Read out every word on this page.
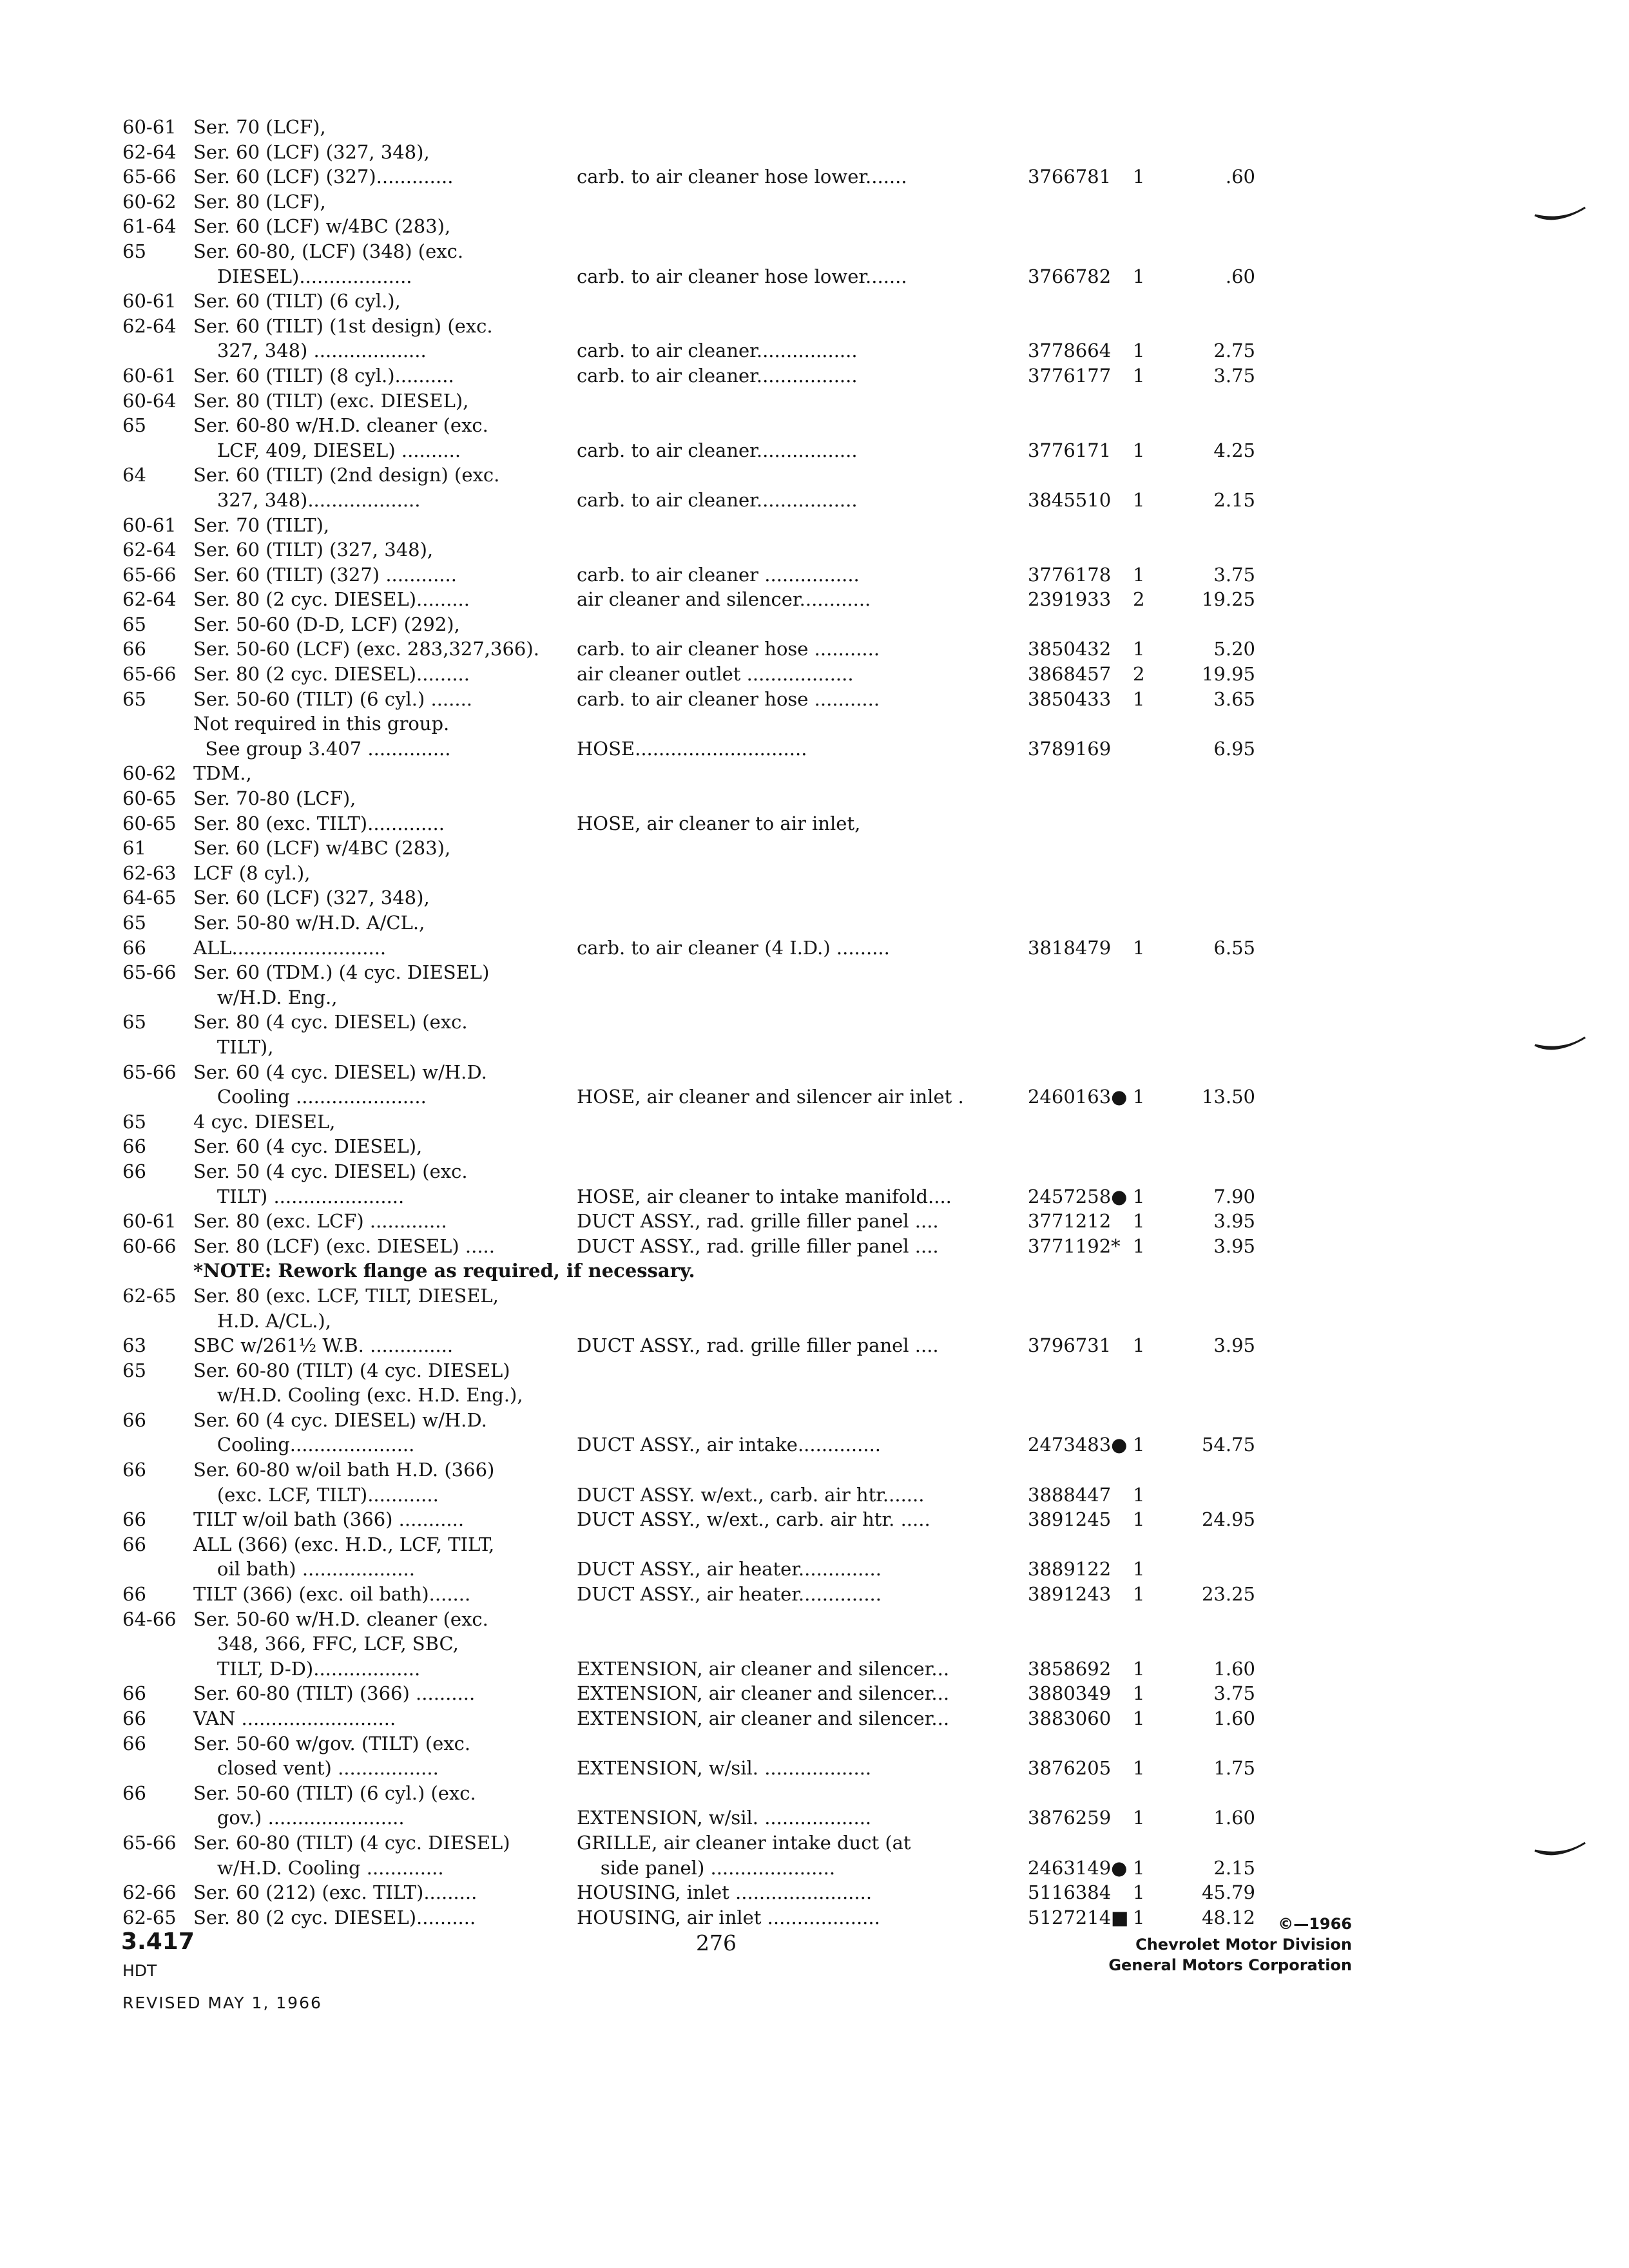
60-61 Ser. 70 (LCF),
62-64 Ser. 60 (LCF) (327, 348),
65-66 Ser. 60 (LCF) (327).............	carb. to air cleaner hose lower.......	3766781 1	.60
60-62 Ser. 80 (LCF),
61-64 Ser. 60 (LCF) w/4BC (283),
65	Ser. 60-80, (LCF) (348) (exc.
DIESEL)...................	carb. to air cleaner hose lower.......	3766782 1	.60
60-61 Ser. 60 (TILT) (6 cyl.),
62-64 Ser. 60 (TILT) (1st design) (exc.
327, 348) ...................	carb. to air cleaner.................	3778664 1	2.75
60-61 Ser. 60 (TILT) (8 cyl.)..........	carb. to air cleaner.................	3776177 1	3.75
60-64 Ser. 80 (TILT) (exc. DIESEL),
65	Ser. 60-80 w/H.D. cleaner (exc.
LCF, 409, DIESEL) ..........	carb. to air cleaner.................	3776171 1	4.25
64	Ser. 60 (TILT) (2nd design) (exc.
327, 348)...................	carb. to air cleaner.................	3845510 1	2.15
60-61 Ser. 70 (TILT),
62-64 Ser. 60 (TILT) (327, 348),
65-66 Ser. 60 (TILT) (327) ............	carb. to air cleaner ................	3776178 1	3.75
62-64 Ser. 80 (2 cyc. DIESEL).........	air cleaner and silencer............	2391933 2	19.25
65	Ser. 50-60 (D-D, LCF) (292),
66	Ser. 50-60 (LCF) (exc. 283,327,366). carb. to air cleaner hose ...........	3850432 1	5.20
65-66 Ser. 80 (2 cyc. DIESEL).........	air cleaner outlet ..................	3868457 2	19.95
65	Ser. 50-60 (TILT) (6 cyl.) .......	carb. to air cleaner hose ...........	3850433 1	3.65
Not required in this group.
See group 3.407 ..............	HOSE.............................	3789169	6.95
60-62 TDM.,
60-65 Ser. 70-80 (LCF),
60-65 Ser. 80 (exc. TILT).............	HOSE, air cleaner to air inlet,
61	Ser. 60 (LCF) w/4BC (283),
62-63 LCF (8 cyl.),
64-65 Ser. 60 (LCF) (327, 348),
65	Ser. 50-80 w/H.D. A/CL.,
66	ALL..........................	carb. to air cleaner (4 I.D.) .........	3818479 1	6.55
65-66 Ser. 60 (TDM.) (4 cyc. DIESEL)
w/H.D. Eng.,
65	Ser. 80 (4 cyc. DIESEL) (exc.
TILT),
65-66 Ser. 60 (4 cyc. DIESEL) w/H.D.
Cooling ......................	HOSE, air cleaner and silencer air inlet .	2460163● 1	13.50
65	4 cyc. DIESEL,
66	Ser. 60 (4 cyc. DIESEL),
66	Ser. 50 (4 cyc. DIESEL) (exc.
TILT) ......................	HOSE, air cleaner to intake manifold....	2457258● 1	7.90
60-61 Ser. 80 (exc. LCF) .............	DUCT ASSY., rad. grille filler panel ....	3771212 1	3.95
60-66 Ser. 80 (LCF) (exc. DIESEL) .....	DUCT ASSY., rad. grille filler panel ....	3771192* 1	3.95
*NOTE: Rework flange as required, if necessary.
62-65 Ser. 80 (exc. LCF, TILT, DIESEL,
H.D. A/CL.),
63	SBC w/261½ W.B. ..............	DUCT ASSY., rad. grille filler panel ....	3796731 1	3.95
65	Ser. 60-80 (TILT) (4 cyc. DIESEL)
w/H.D. Cooling (exc. H.D. Eng.),
66	Ser. 60 (4 cyc. DIESEL) w/H.D.
Cooling.....................	DUCT ASSY., air intake..............	2473483● 1	54.75
66	Ser. 60-80 w/oil bath H.D. (366)
(exc. LCF, TILT)............	DUCT ASSY. w/ext., carb. air htr.......	3888447 1
66	TILT w/oil bath (366) ...........	DUCT ASSY., w/ext., carb. air htr. .....	3891245 1	24.95
66	ALL (366) (exc. H.D., LCF, TILT,
oil bath) ...................	DUCT ASSY., air heater..............	3889122 1
66	TILT (366) (exc. oil bath).......	DUCT ASSY., air heater..............	3891243 1	23.25
64-66 Ser. 50-60 w/H.D. cleaner (exc.
348, 366, FFC, LCF, SBC,
TILT, D-D)..................	EXTENSION, air cleaner and silencer...	3858692 1	1.60
66	Ser. 60-80 (TILT) (366) ..........	EXTENSION, air cleaner and silencer...	3880349 1	3.75
66	VAN ..........................	EXTENSION, air cleaner and silencer...	3883060 1	1.60
66	Ser. 50-60 w/gov. (TILT) (exc.
closed vent) .................	EXTENSION, w/sil. ..................	3876205 1	1.75
66	Ser. 50-60 (TILT) (6 cyl.) (exc.
gov.) .......................	EXTENSION, w/sil. ..................	3876259 1	1.60
65-66 Ser. 60-80 (TILT) (4 cyc. DIESEL)	GRILLE, air cleaner intake duct (at
w/H.D. Cooling .............	side panel) .....................	2463149● 1	2.15
62-66 Ser. 60 (212) (exc. TILT).........	HOUSING, inlet .......................	5116384 1	45.79
62-65 Ser. 80 (2 cyc. DIESEL)..........	HOUSING, air inlet ...................	5127214■ 1	48.12
3.417
HDT
REVISED MAY 1, 1966
276
©—1966
Chevrolet Motor Division
General Motors Corporation
